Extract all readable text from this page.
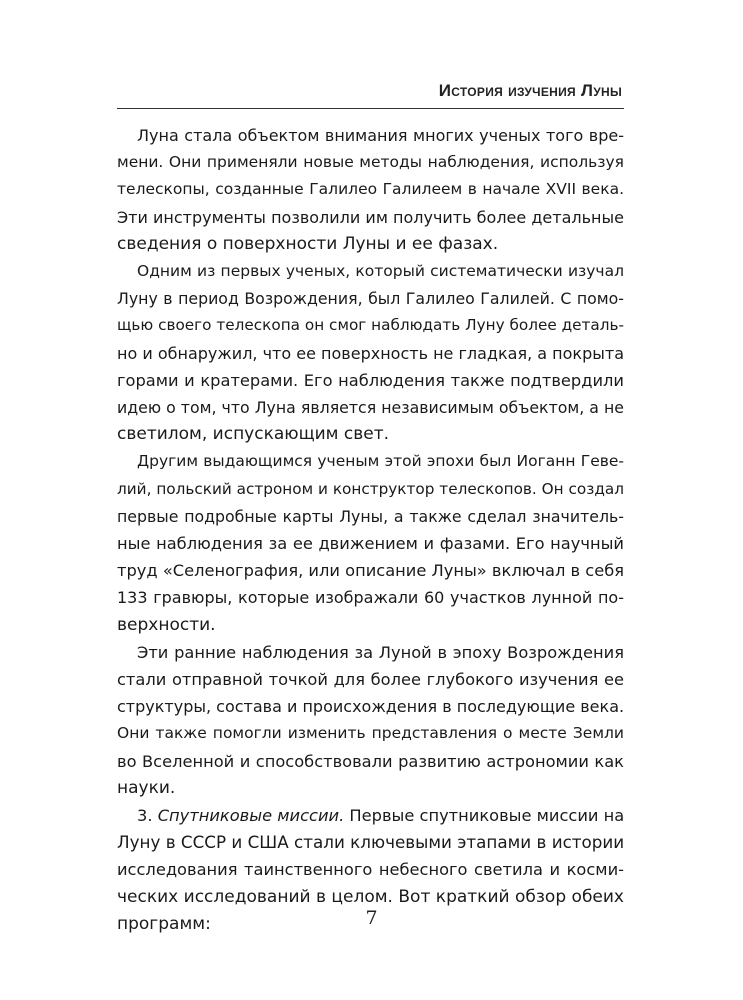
История изучения Луны

Луна стала объектом внимания многих ученых того вре-
мени. Они применяли новые методы наблюдения, используя
телескопы, созданные Галилео Галилеем в начале XVII века.
Эти инструменты позволили им получить более детальные
сведения о поверхности Луны и ее фазах.

Одним из первых ученых, который систематически изучал
Луну в период Возрождения, был Галилео Галилей. С помо-
щью своего телескопа он смог наблюдать Луну более деталь-
но и обнаружил, что ее поверхность не гладкая, а покрыта
горами и кратерами. Его наблюдения также подтвердили
идею о том, что Луна является независимым объектом, а не
светилом, испускающим свет.

Другим выдающимся ученым этой эпохи был Иоганн Геве-
лий, польский астроном и конструктор телескопов. Он создал
первые подробные карты Луны, а также сделал значитель-
ные наблюдения за ее движением и фазами. Его научный
труд «Селенография, или описание Луны» включал в себя
133 гравюры, которые изображали 60 участков лунной по-
верхности.

Эти ранние наблюдения за Луной в эпоху Возрождения
стали отправной точкой для более глубокого изучения ее
структуры, состава и происхождения в последующие века.
Они также помогли изменить представления о месте Земли
во Вселенной и способствовали развитию астрономии как
науки.

3. Спутниковые миссии. Первые спутниковые миссии на
Луну в СССР и США стали ключевыми этапами в истории
исследования таинственного небесного светила и косми-
ческих исследований в целом. Вот краткий обзор обеих
программ:	7
